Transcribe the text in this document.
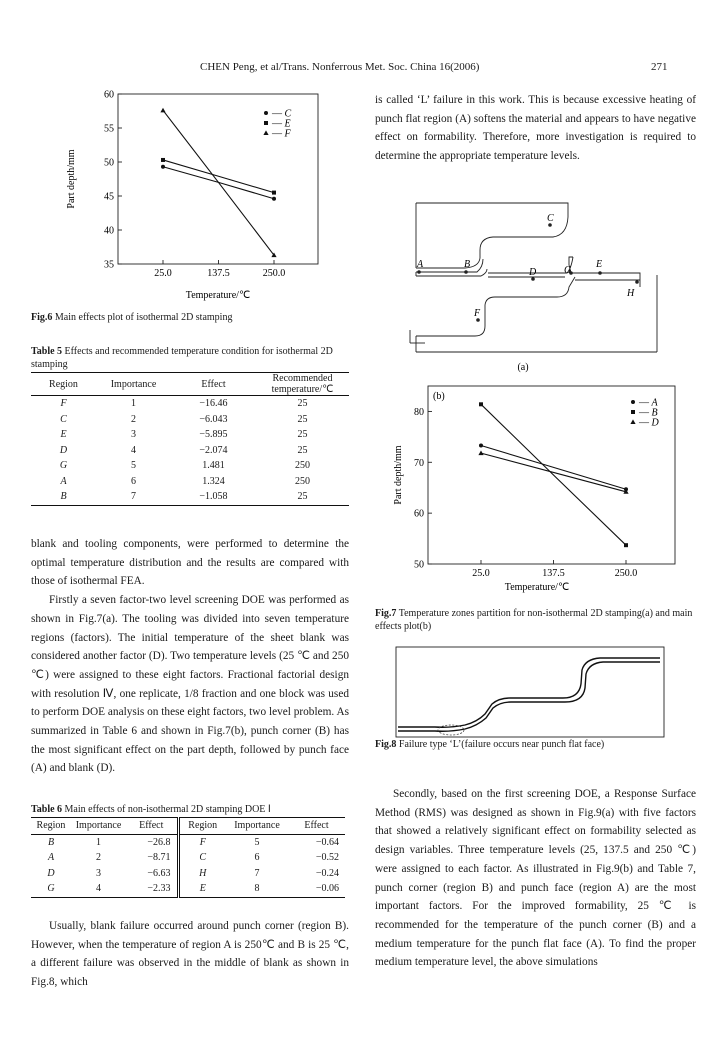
CHEN Peng, et al/Trans. Nonferrous Met. Soc. China 16(2006)	271
Part depth/mm
Temperature/℃
35
40
45
50
55
60
25.0	137.5	250.0
— C
— E
— F
Fig.6 Main effects plot of isothermal 2D stamping
Table 5 Effects and recommended temperature condition for isothermal 2D stamping
Region	Importance	Effect	Recommended temperature/℃
F	1	−16.46	25
C	2	−6.043	25
E	3	−5.895	25
D	4	−2.074	25
G	5	1.481	250
A	6	1.324	250
B	7	−1.058	25

blank and tooling components, were performed to determine the optimal temperature distribution and the results are compared with those of isothermal FEA.

Firstly a seven factor-two level screening DOE was performed as shown in Fig.7(a). The tooling was divided into seven temperature regions (factors). The initial temperature of the sheet blank was considered another factor (D). Two temperature levels (25 ℃ and 250 ℃) were assigned to these eight factors. Fractional factorial design with resolution Ⅳ, one replicate, 1/8 fraction and one block was used to perform DOE analysis on these eight factors, two level problem. As summarized in Table 6 and shown in Fig.7(b), punch corner (B) has the most significant effect on the part depth, followed by punch face (A) and blank (D).

Table 6 Main effects of non-isothermal 2D stamping DOE Ⅰ
Region	Importance	Effect	Region	Importance	Effect
B	1	−26.8	F	5	−0.64
A	2	−8.71	C	6	−0.52
D	3	−6.63	H	7	−0.24
G	4	−2.33	E	8	−0.06

Usually, blank failure occurred around punch corner (region B). However, when the temperature of region A is 250℃ and B is 25 ℃, a different failure was observed in the middle of blank as shown in Fig.8, which

is called ‘L’ failure in this work. This is because excessive heating of punch flat region (A) softens the material and appears to have negative effect on formability. Therefore, more investigation is required to determine the appropriate temperature levels.

A	B
C
D	G
E
H
F
(a)
(b)
Part depth/mm
Temperature/℃
50
60
70
80
25.0	137.5	250.0
— A
— B
— D
Fig.7 Temperature zones partition for non-isothermal 2D stamping(a) and main effects plot(b)
Fig.8 Failure type ‘L’(failure occurs near punch flat face)

Secondly, based on the first screening DOE, a Response Surface Method (RMS) was designed as shown in Fig.9(a) with five factors that showed a relatively significant effect on formability selected as design variables. Three temperature levels (25, 137.5 and 250 ℃) were assigned to each factor. As illustrated in Fig.9(b) and Table 7, punch corner (region B) and punch face (region A) are the most important factors. For the improved formability, 25 ℃ is recommended for the temperature of the punch corner (B) and a medium temperature for the punch flat face (A). To find the proper medium temperature level, the above simulations
